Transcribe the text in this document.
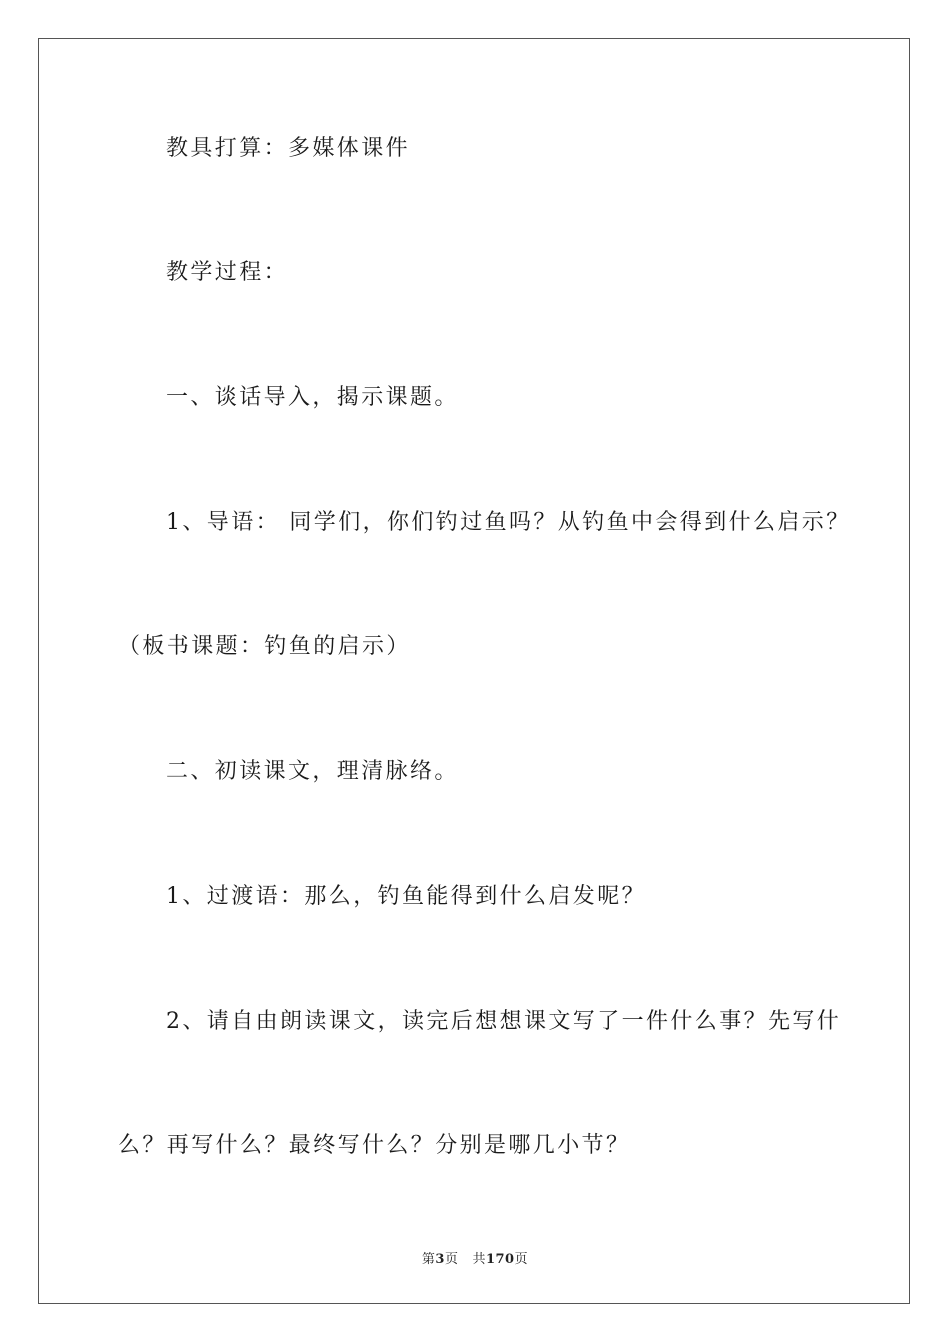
教具打算：多媒体课件
教学过程：
一、谈话导入，揭示课题。
1、导语： 同学们，你们钓过鱼吗？从钓鱼中会得到什么启示？
（板书课题：钓鱼的启示）
二、初读课文，理清脉络。
1、过渡语：那么，钓鱼能得到什么启发呢？
2、请自由朗读课文，读完后想想课文写了一件什么事？先写什
么？再写什么？最终写什么？分别是哪几小节？
第3页 共170页
